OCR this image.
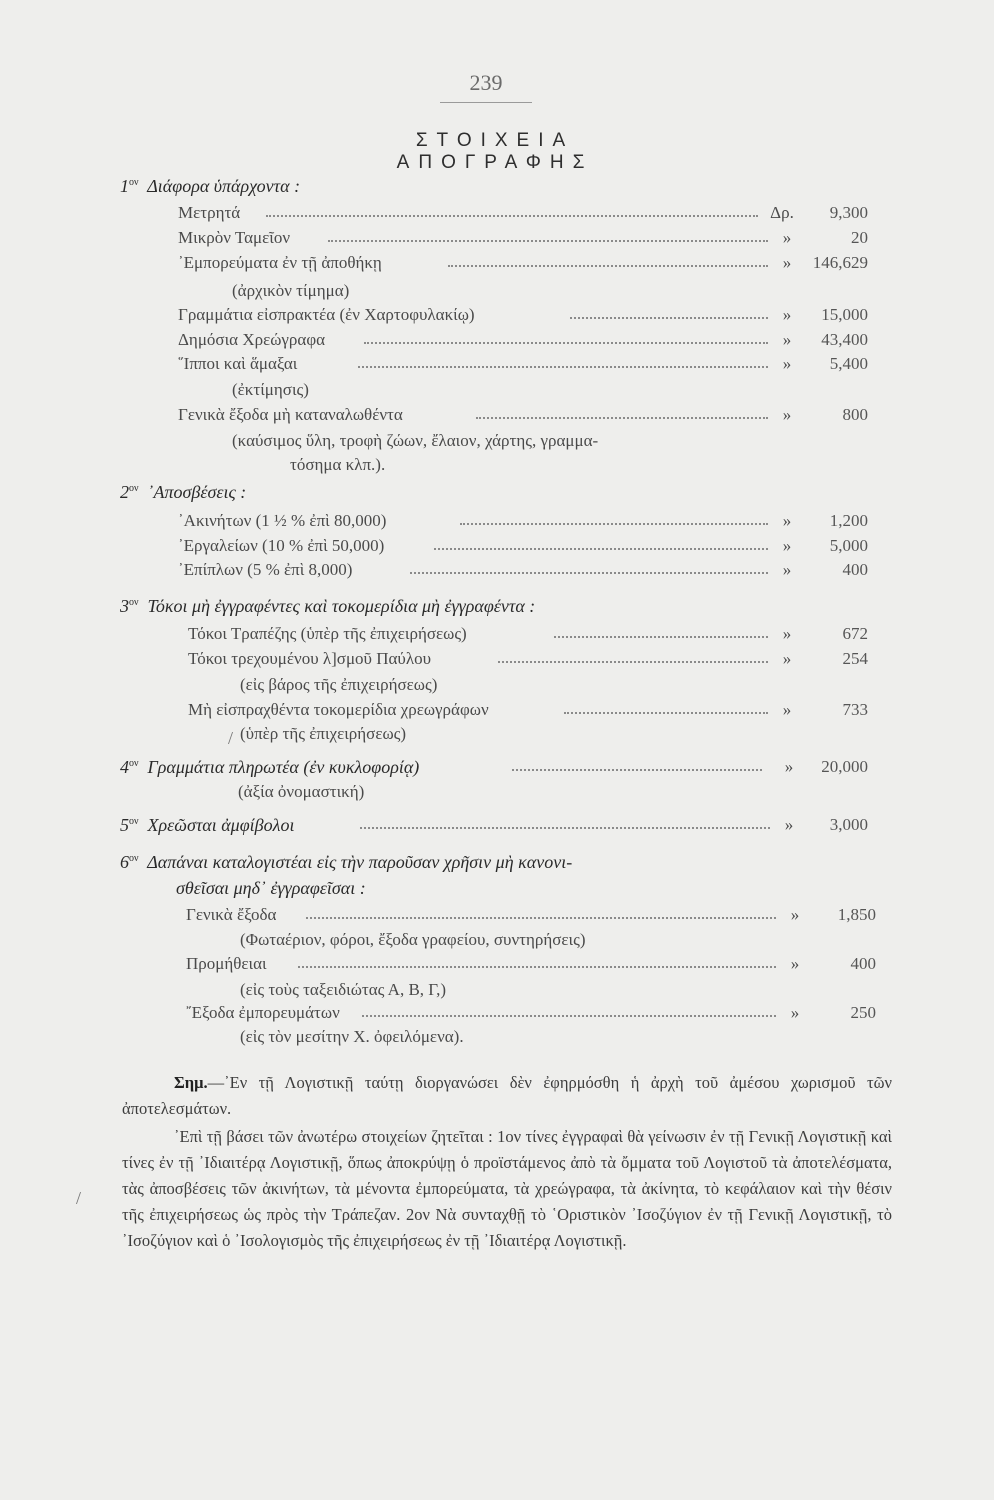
239
ΣΤΟΙΧΕΙΑ ΑΠΟΓΡΑΦΗΣ
$1^{o\nu}$ Διάφορα ὑπάρχοντα :
Μετρητά	Δρ.	9,300
Μικρὸν Ταμεῖον	»	20
᾿Εμπορεύματα ἐν τῇ ἀποθήκῃ	»	146,629
(ἀρχικὸν τίμημα)
Γραμμάτια εἰσπρακτέα (ἐν Χαρτοφυλακίῳ)	»	15,000
Δημόσια Χρεώγραφα	»	43,400
῞Ιπποι καὶ ἅμαξαι	»	5,400
(ἐκτίμησις)
Γενικὰ ἔξοδα μὴ καταναλωθέντα	»	800
(καύσιμος ὕλη, τροφὴ ζώων, ἔλαιον, χάρτης, γραμμα-
τόσημα κλπ.).
$2^{o\nu}$ ᾿Αποσβέσεις :
᾿Ακινήτων (1 ½ % ἐπὶ 80,000)	»	1,200
᾿Εργαλείων (10 % ἐπὶ 50,000)	»	5,000
᾿Επίπλων (5 % ἐπὶ 8,000)	»	400
$3^{o\nu}$ Τόκοι μὴ ἐγγραφέντες καὶ τοκομερίδια μὴ ἐγγραφέντα :
Τόκοι Τραπέζης (ὑπὲρ τῆς ἐπιχειρήσεως)	»	672
Τόκοι τρεχουμένου λ]σμοῦ Παύλου	»	254
(εἰς βάρος τῆς ἐπιχειρήσεως)
Μὴ εἰσπραχθέντα τοκομερίδια χρεωγράφων	»	733
/ (ὑπὲρ τῆς ἐπιχειρήσεως)
$4^{o\nu}$ Γραμμάτια πληρωτέα (ἐν κυκλοφορίᾳ)	»	20,000
(ἀξία ὀνομαστική)
$5^{o\nu}$ Χρεῶσται ἀμφίβολοι	»	3,000
$6^{o\nu}$ Δαπάναι καταλογιστέαι εἰς τὴν παροῦσαν χρῆσιν μὴ κανονι-
σθεῖσαι μηδ᾿ ἐγγραφεῖσαι :
Γενικὰ ἔξοδα	»	1,850
(Φωταέριον, φόροι, ἔξοδα γραφείου, συντηρήσεις)
Προμήθειαι	»	400
(εἰς τοὺς ταξειδιώτας Α, Β, Γ,)
῎Εξοδα ἐμπορευμάτων	»	250
(εἰς τὸν μεσίτην Χ. ὀφειλόμενα).
Σημ.—᾿Εν τῇ Λογιστικῇ ταύτῃ διοργανώσει δὲν ἐφηρμόσθη ἡ ἀρχὴ τοῦ ἀμέσου χωρισμοῦ τῶν ἀποτελεσμάτων.
᾿Επὶ τῇ βάσει τῶν ἀνωτέρω στοιχείων ζητεῖται : 1ον τίνες ἐγγραφαὶ θὰ γείνωσιν ἐν τῇ Γενικῇ Λογιστικῇ καὶ τίνες ἐν τῇ ᾿Ιδιαιτέρᾳ Λογιστικῇ, ὅπως ἀποκρύψῃ ὁ προϊστάμενος ἀπὸ τὰ ὄμματα τοῦ Λογιστοῦ τὰ ἀποτελέσματα, τὰς ἀποσβέσεις τῶν ἀκινήτων, τὰ μένοντα ἐμπορεύματα, τὰ χρεώγραφα, τὰ ἀκίνητα, τὸ κεφάλαιον καὶ τὴν θέσιν τῆς ἐπιχειρήσεως ὡς πρὸς τὴν Τράπεζαν. 2ον Νὰ συνταχθῇ τὸ ῾Οριστικὸν ᾿Ισοζύγιον ἐν τῇ Γενικῇ Λογιστικῇ, τὸ ᾿Ισοζύγιον καὶ ὁ ᾿Ισολογισμὸς τῆς ἐπιχειρήσεως ἐν τῇ ᾿Ιδιαιτέρᾳ Λογιστικῇ.
/
